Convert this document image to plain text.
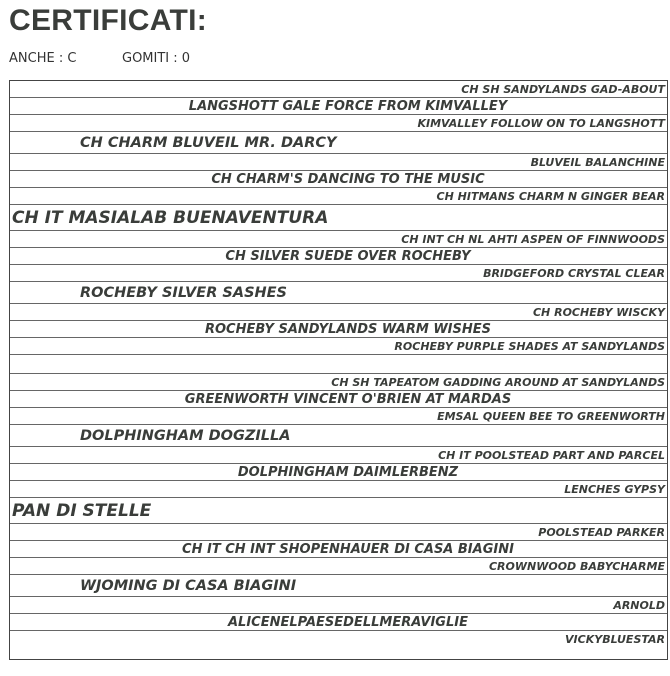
CERTIFICATI:
ANCHE : C	GOMITI : 0
CH SH SANDYLANDS GAD-ABOUT
LANGSHOTT GALE FORCE FROM KIMVALLEY
KIMVALLEY FOLLOW ON TO LANGSHOTT
CH CHARM BLUVEIL MR. DARCY
BLUVEIL BALANCHINE
CH CHARM'S DANCING TO THE MUSIC
CH HITMANS CHARM N GINGER BEAR
CH IT MASIALAB BUENAVENTURA
CH INT CH NL AHTI ASPEN OF FINNWOODS
CH SILVER SUEDE OVER ROCHEBY
BRIDGEFORD CRYSTAL CLEAR
ROCHEBY SILVER SASHES
CH ROCHEBY WISCKY
ROCHEBY SANDYLANDS WARM WISHES
ROCHEBY PURPLE SHADES AT SANDYLANDS
CH SH TAPEATOM GADDING AROUND AT SANDYLANDS
GREENWORTH VINCENT O'BRIEN AT MARDAS
EMSAL QUEEN BEE TO GREENWORTH
DOLPHINGHAM DOGZILLA
CH IT POOLSTEAD PART AND PARCEL
DOLPHINGHAM DAIMLERBENZ
LENCHES GYPSY
PAN DI STELLE
POOLSTEAD PARKER
CH IT CH INT SHOPENHAUER DI CASA BIAGINI
CROWNWOOD BABYCHARME
WJOMING DI CASA BIAGINI
ARNOLD
ALICENELPAESEDELLMERAVIGLIE
VICKYBLUESTAR
